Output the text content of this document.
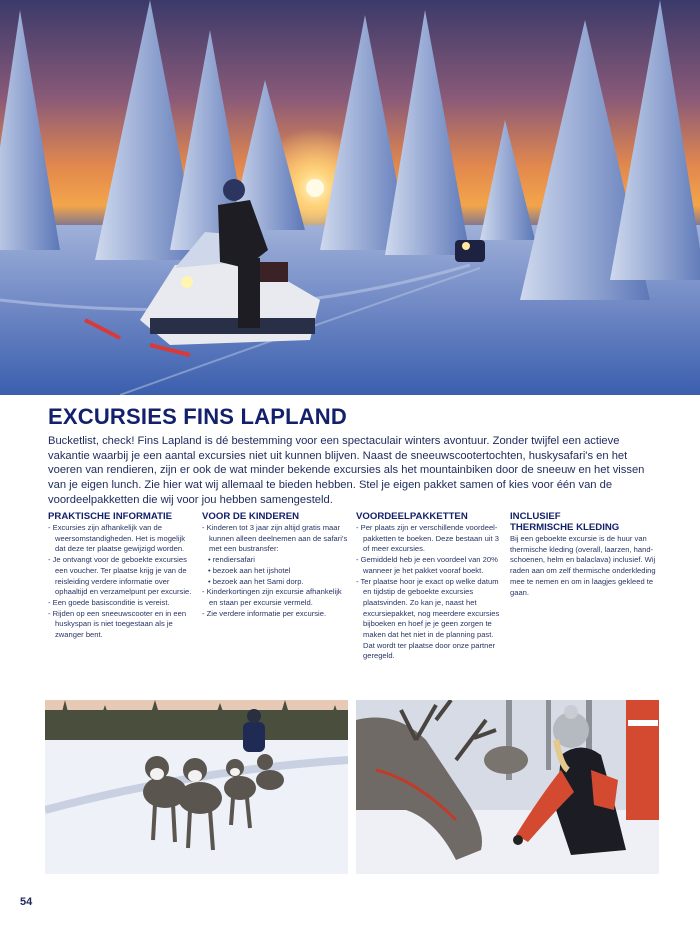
EXCURSIES FINS LAPLAND

Bucketlist, check! Fins Lapland is dé bestemming voor een spectaculair winters avontuur. Zonder twijfel een actieve vakantie waarbij je een aantal excursies niet uit kunnen blijven. Naast de sneeuwscootertochten, huskysafari's en het voeren van rendieren, zijn er ook de wat minder bekende excursies als het mountainbiken door de sneeuw en het vissen van je eigen lunch. Zie hier wat wij allemaal te bieden hebben. Stel je eigen pakket samen of kies voor één van de voordeelpakketten die wij voor jou hebben samengesteld.

PRAKTISCHE INFORMATIE
- Excursies zijn afhankelijk van de weersomstandigheden. Het is mogelijk dat deze ter plaatse gewijzigd worden.
- Je ontvangt voor de geboekte excursies een voucher. Ter plaatse krijg je van de reisleiding verdere informatie over ophaaltijd en verzamelpunt per excursie.
- Een goede basisconditie is vereist.
- Rijden op een sneeuwscooter en in een huskyspan is niet toegestaan als je zwanger bent.
VOOR DE KINDEREN
- Kinderen tot 3 jaar zijn altijd gratis maar kunnen alleen deelnemen aan de safari's met een bustransfer:
• rendiersafari
• bezoek aan het ijshotel
• bezoek aan het Sami dorp.
- Kinderkortingen zijn excursie afhankelijk en staan per excursie vermeld.
- Zie verdere informatie per excursie.
VOORDEELPAKKETTEN
- Per plaats zijn er verschillende voordeelpakketten te boeken. Deze bestaan uit 3 of meer excursies.
- Gemiddeld heb je een voordeel van 20% wanneer je het pakket vooraf boekt.
- Ter plaatse hoor je exact op welke datum en tijdstip de geboekte excursies plaatsvinden. Zo kan je, naast het excursiepakket, nog meerdere excursies bijboeken en hoef je je geen zorgen te maken dat het niet in de planning past. Dat wordt ter plaatse door onze partner geregeld.
INCLUSIEF
THERMISCHE KLEDING

Bij een geboekte excursie is de huur van thermische kleding (overall, laarzen, handschoenen, helm en balaclava) inclusief. Wij raden aan om zelf thermische onderkleding mee te nemen en om in laagjes gekleed te gaan.

54
